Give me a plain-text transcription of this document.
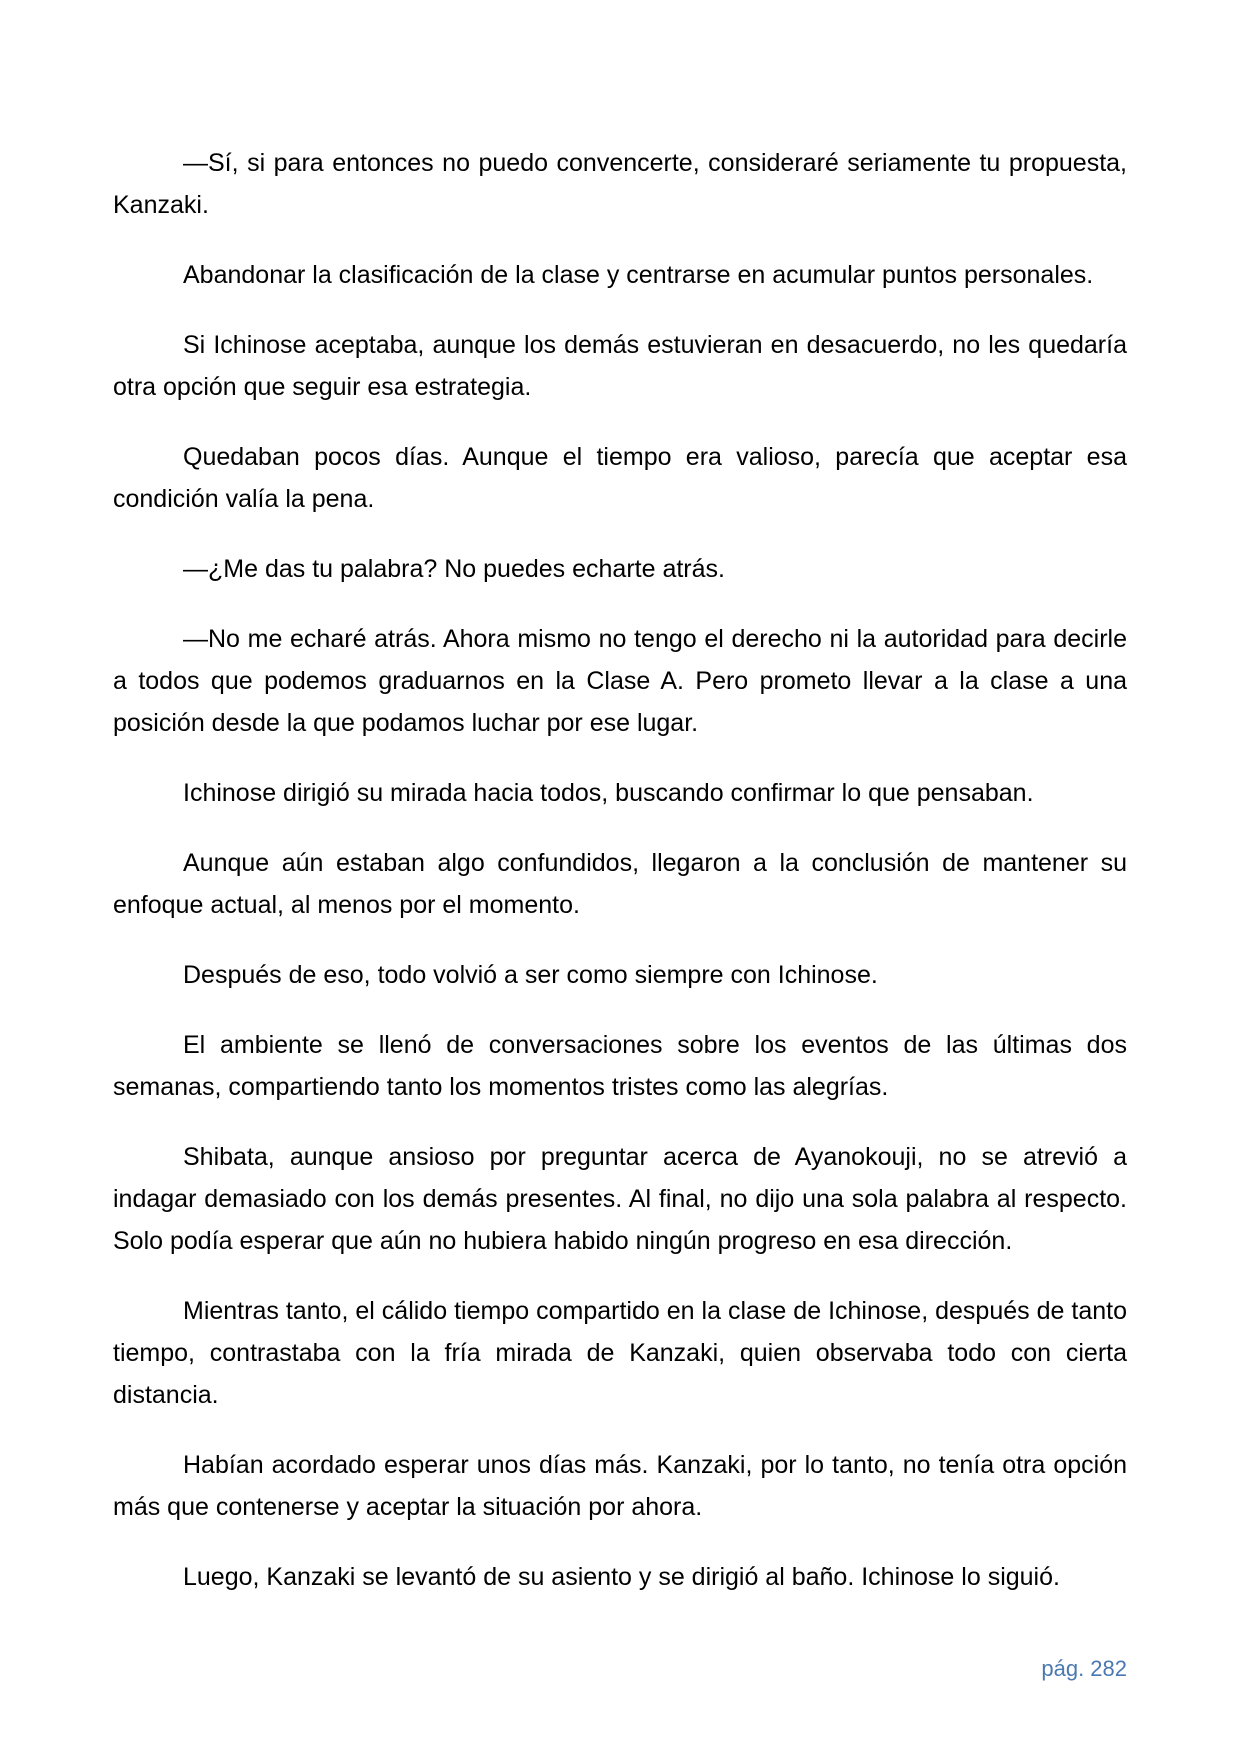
—Sí, si para entonces no puedo convencerte, consideraré seriamente tu propuesta, Kanzaki.

Abandonar la clasificación de la clase y centrarse en acumular puntos personales.

Si Ichinose aceptaba, aunque los demás estuvieran en desacuerdo, no les quedaría otra opción que seguir esa estrategia.

Quedaban pocos días. Aunque el tiempo era valioso, parecía que aceptar esa condición valía la pena.

—¿Me das tu palabra? No puedes echarte atrás.

—No me echaré atrás. Ahora mismo no tengo el derecho ni la autoridad para decirle a todos que podemos graduarnos en la Clase A. Pero prometo llevar a la clase a una posición desde la que podamos luchar por ese lugar.

Ichinose dirigió su mirada hacia todos, buscando confirmar lo que pensaban.

Aunque aún estaban algo confundidos, llegaron a la conclusión de mantener su enfoque actual, al menos por el momento.

Después de eso, todo volvió a ser como siempre con Ichinose.

El ambiente se llenó de conversaciones sobre los eventos de las últimas dos semanas, compartiendo tanto los momentos tristes como las alegrías.

Shibata, aunque ansioso por preguntar acerca de Ayanokouji, no se atrevió a indagar demasiado con los demás presentes. Al final, no dijo una sola palabra al respecto. Solo podía esperar que aún no hubiera habido ningún progreso en esa dirección.

Mientras tanto, el cálido tiempo compartido en la clase de Ichinose, después de tanto tiempo, contrastaba con la fría mirada de Kanzaki, quien observaba todo con cierta distancia.

Habían acordado esperar unos días más. Kanzaki, por lo tanto, no tenía otra opción más que contenerse y aceptar la situación por ahora.

Luego, Kanzaki se levantó de su asiento y se dirigió al baño. Ichinose lo siguió.

pág. 282
